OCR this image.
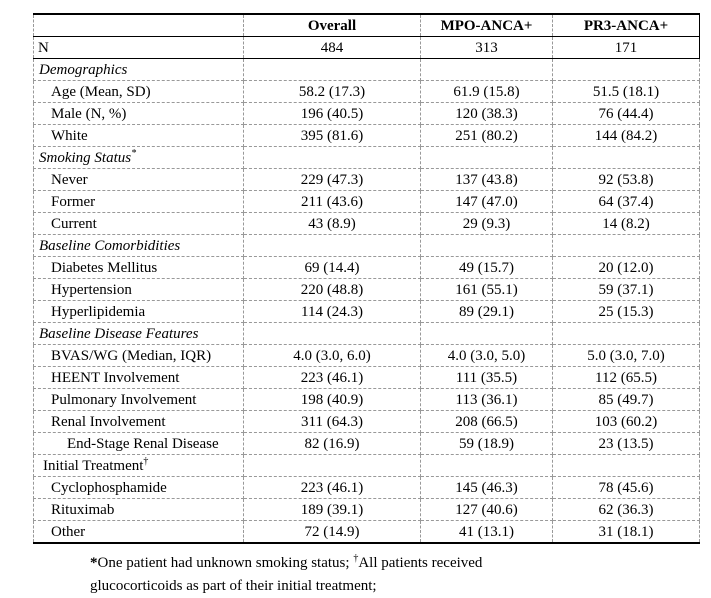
	Overall	MPO-ANCA+	PR3-ANCA+
N	484	313	171
Demographics			
Age (Mean, SD)	58.2 (17.3)	61.9 (15.8)	51.5 (18.1)
Male (N, %)	196 (40.5)	120 (38.3)	76 (44.4)
White	395 (81.6)	251 (80.2)	144 (84.2)
Smoking Status*			
Never	229 (47.3)	137 (43.8)	92 (53.8)
Former	211 (43.6)	147 (47.0)	64 (37.4)
Current	43 (8.9)	29 (9.3)	14 (8.2)
Baseline Comorbidities			
Diabetes Mellitus	69 (14.4)	49 (15.7)	20 (12.0)
Hypertension	220 (48.8)	161 (55.1)	59 (37.1)
Hyperlipidemia	114 (24.3)	89 (29.1)	25 (15.3)
Baseline Disease Features			
BVAS/WG (Median, IQR)	4.0 (3.0, 6.0)	4.0 (3.0, 5.0)	5.0 (3.0, 7.0)
HEENT Involvement	223 (46.1)	111 (35.5)	112 (65.5)
Pulmonary Involvement	198 (40.9)	113 (36.1)	85 (49.7)
Renal Involvement	311 (64.3)	208 (66.5)	103 (60.2)
End-Stage Renal Disease	82 (16.9)	59 (18.9)	23 (13.5)
Initial Treatment†			
Cyclophosphamide	223 (46.1)	145 (46.3)	78 (45.6)
Rituximab	189 (39.1)	127 (40.6)	62 (36.3)
Other	72 (14.9)	41 (13.1)	31 (18.1)
*One patient had unknown smoking status; †All patients received
glucocorticoids as part of their initial treatment;
